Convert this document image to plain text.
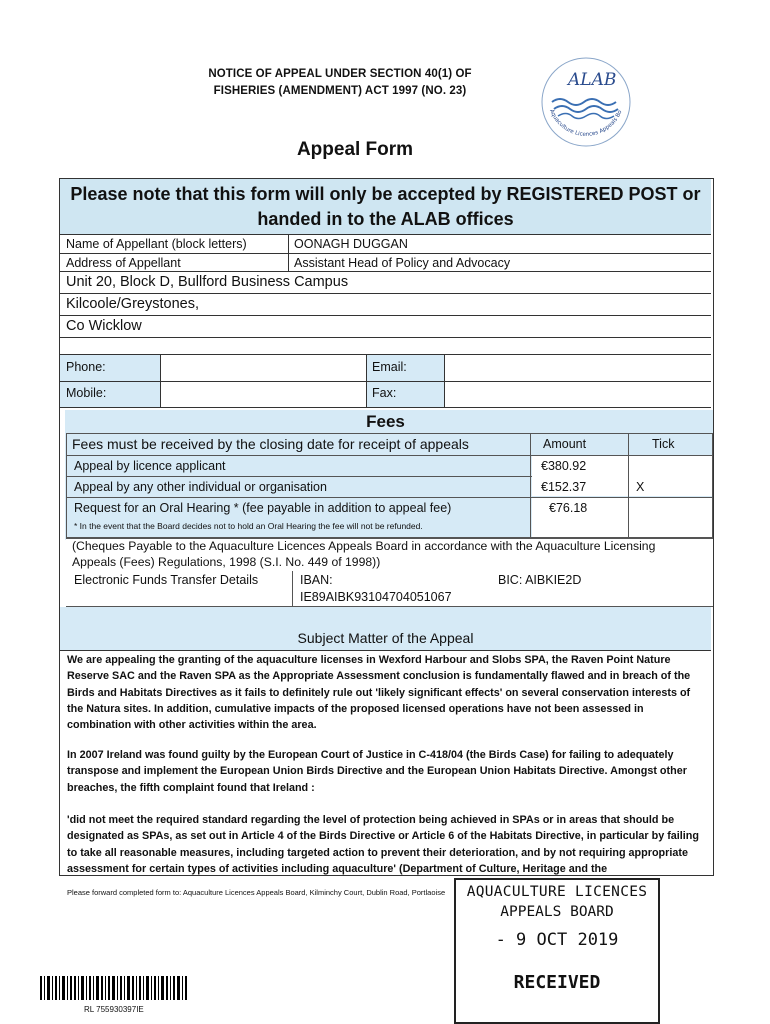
NOTICE OF APPEAL UNDER SECTION 40(1) OF
FISHERIES (AMENDMENT) ACT 1997 (NO. 23)
ALAB
Aquaculture Licences Appeals Bo
Appeal Form
Please note that this form will only be accepted by REGISTERED POST or
handed in to the ALAB offices
Name of Appellant (block letters)	OONAGH DUGGAN
Address of Appellant	Assistant Head of Policy and Advocacy
Unit 20, Block D, Bullford Business Campus
Kilcoole/Greystones,
Co Wicklow
Phone:	Email:
Mobile:	Fax:
Fees
Fees must be received by the closing date for receipt of appeals	Amount	Tick
Appeal by licence applicant	€380.92
Appeal by any other individual or organisation	€152.37	X
Request for an Oral Hearing * (fee payable in addition to appeal fee)	€76.18
* In the event that the Board decides not to hold an Oral Hearing the fee will not be refunded.
(Cheques Payable to the Aquaculture Licences Appeals Board in accordance with the Aquaculture Licensing
Appeals (Fees) Regulations, 1998 (S.I. No. 449 of 1998))
Electronic Funds Transfer Details	IBAN:
IE89AIBK93104704051067
BIC: AIBKIE2D
Subject Matter of the Appeal
We are appealing the granting of the aquaculture licenses in Wexford Harbour and Slobs SPA, the Raven Point Nature Reserve SAC and the Raven SPA as the Appropriate Assessment conclusion is fundamentally flawed and in breach of the Birds and Habitats Directives as it fails to definitely rule out 'likely significant effects' on several conservation interests of the Natura sites. In addition, cumulative impacts of the proposed licensed operations have not been assessed in combination with other activities within the area.
In 2007 Ireland was found guilty by the European Court of Justice in C-418/04 (the Birds Case) for failing to adequately transpose and implement the European Union Birds Directive and the European Union Habitats Directive. Amongst other breaches, the fifth complaint found that Ireland :
'did not meet the required standard regarding the level of protection being achieved in SPAs or in areas that should be designated as SPAs, as set out in Article 4 of the Birds Directive or Article 6 of the Habitats Directive, in particular by failing to take all reasonable measures, including targeted action to prevent their deterioration, and by not requiring appropriate assessment for certain types of activities including aquaculture' (Department of Culture, Heritage and the
Please forward completed form to: Aquaculture Licences Appeals Board, Kilminchy Court, Dublin Road, Portlaoise	AQUACULTURE LICENCES
APPEALS BOARD
- 9 OCT 2019
RECEIVED
RL 755930397IE
